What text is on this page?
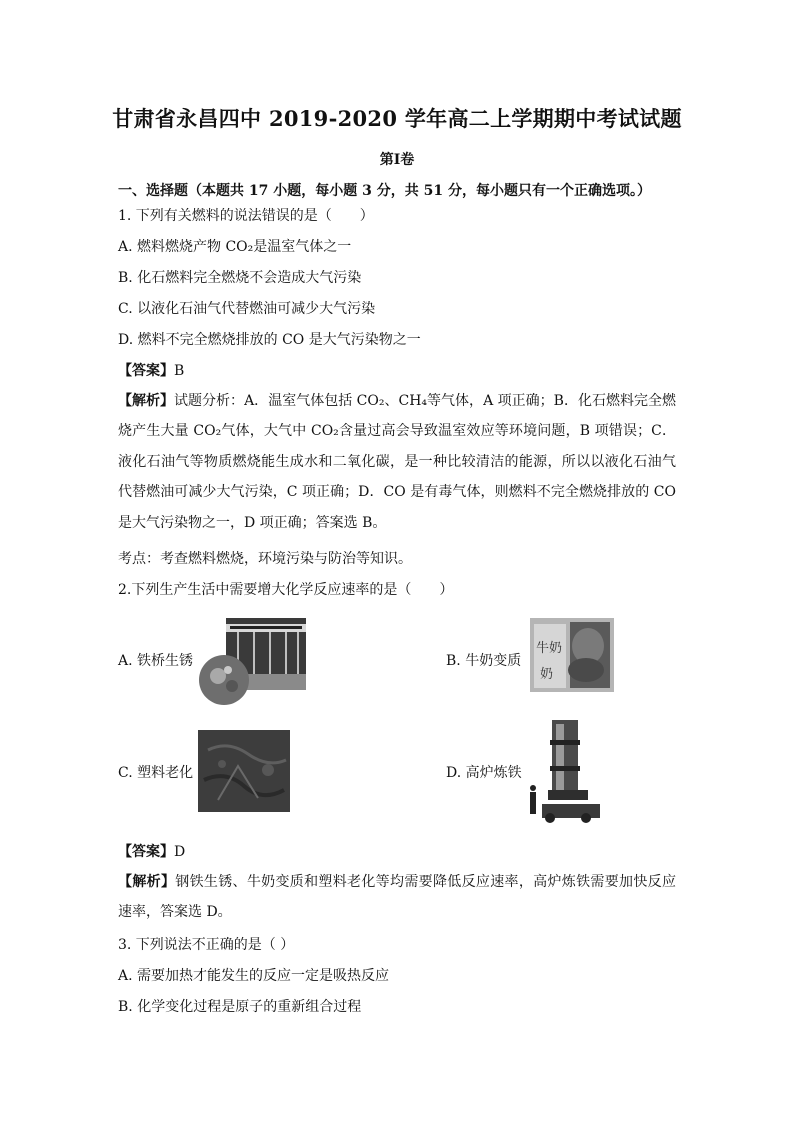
甘肃省永昌四中 2019-2020 学年高二上学期期中考试试题
第Ⅰ卷
一、选择题（本题共 17 小题，每小题 3 分，共 51 分，每小题只有一个正确选项。）
1. 下列有关燃料的说法错误的是（　　）
A. 燃料燃烧产物 CO₂是温室气体之一
B. 化石燃料完全燃烧不会造成大气污染
C. 以液化石油气代替燃油可减少大气污染
D. 燃料不完全燃烧排放的 CO 是大气污染物之一
【答案】B
【解析】试题分析：A．温室气体包括 CO₂、CH₄等气体，A 项正确；B．化石燃料完全燃烧产生大量 CO₂气体，大气中 CO₂含量过高会导致温室效应等环境问题，B 项错误；C．液化石油气等物质燃烧能生成水和二氧化碳，是一种比较清洁的能源，所以以液化石油气代替燃油可减少大气污染，C 项正确；D．CO 是有毒气体，则燃料不完全燃烧排放的 CO 是大气污染物之一，D 项正确；答案选 B。
考点：考查燃料燃烧，环境污染与防治等知识。
2.下列生产生活中需要增大化学反应速率的是（　　）
A. 铁桥生锈	B. 牛奶变质
牛奶
奶
C. 塑料老化	D. 高炉炼铁
【答案】D
【解析】钢铁生锈、牛奶变质和塑料老化等均需要降低反应速率，高炉炼铁需要加快反应速率，答案选 D。
3. 下列说法不正确的是（ ）
A. 需要加热才能发生的反应一定是吸热反应
B. 化学变化过程是原子的重新组合过程
